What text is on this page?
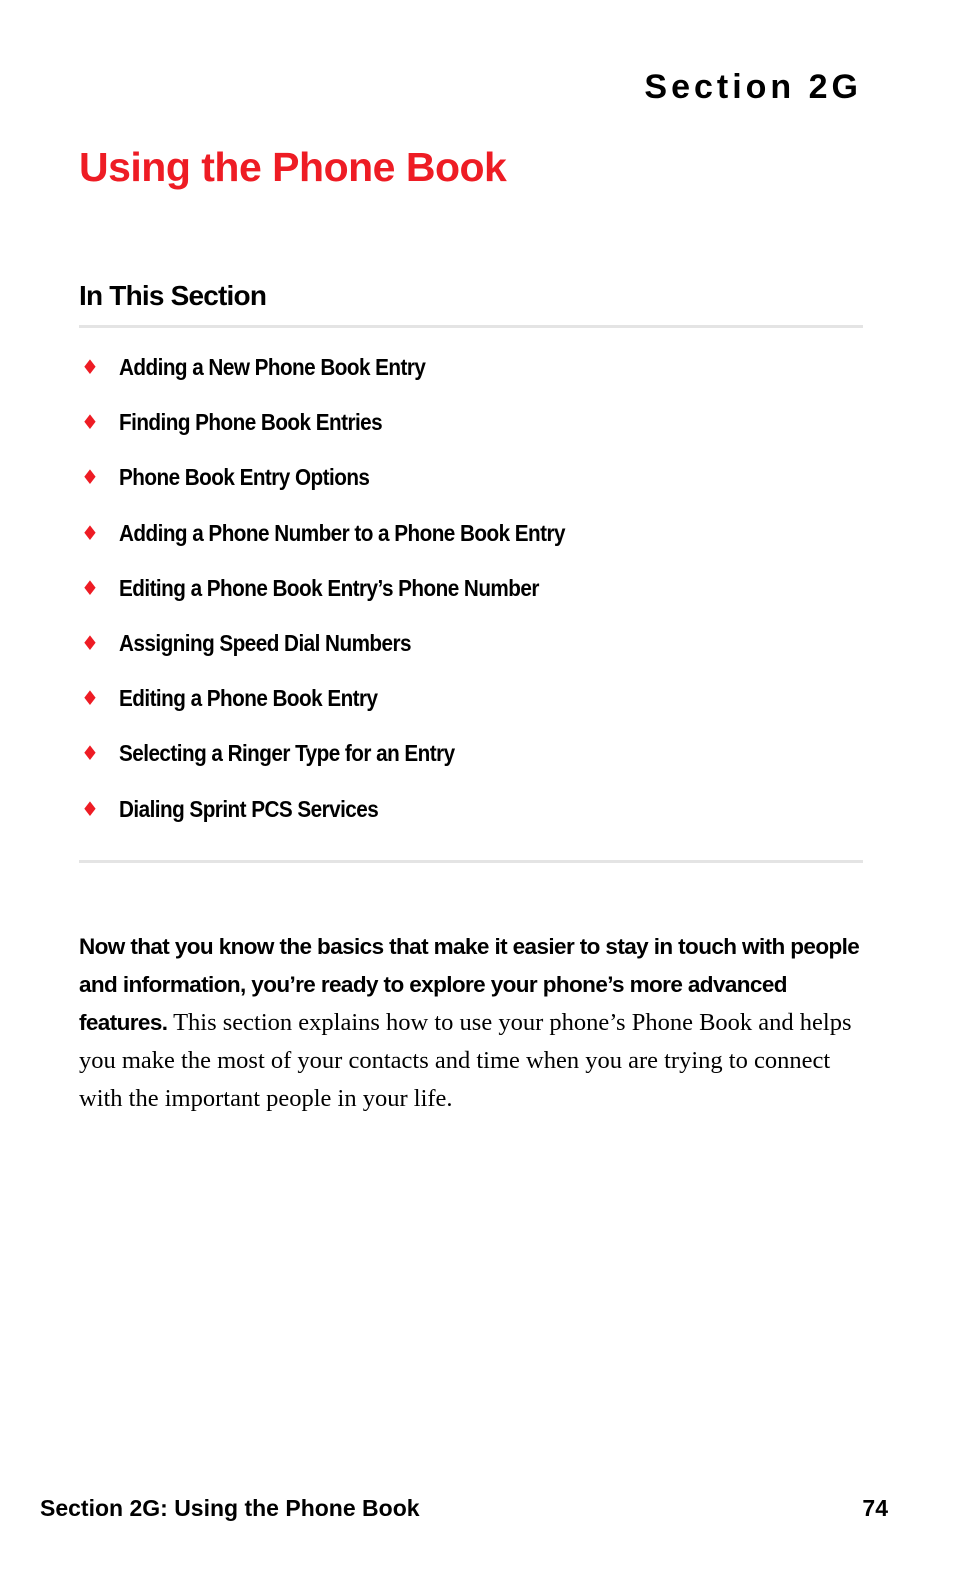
Section 2G
Using the Phone Book
In This Section
♦ Adding a New Phone Book Entry
♦ Finding Phone Book Entries
♦ Phone Book Entry Options
♦ Adding a Phone Number to a Phone Book Entry
♦ Editing a Phone Book Entry’s Phone Number
♦ Assigning Speed Dial Numbers
♦ Editing a Phone Book Entry
♦ Selecting a Ringer Type for an Entry
♦ Dialing Sprint PCS Services

Now that you know the basics that make it easier to stay in touch with people and information, you’re ready to explore your phone’s more advanced features. This section explains how to use your phone’s Phone Book and helps you make the most of your contacts and time when you are trying to connect with the important people in your life.

Section 2G: Using the Phone Book	74
